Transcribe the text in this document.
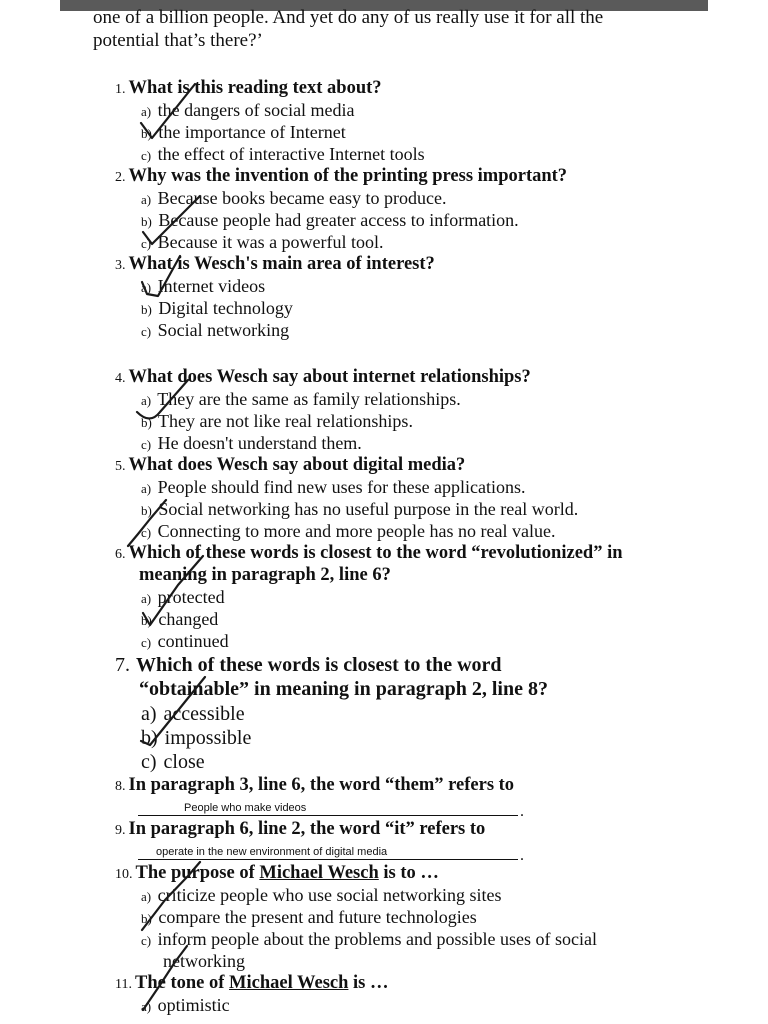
one of a billion people. And yet do any of us really use it for all the
potential that’s there?’
1. What is this reading text about?
a) the dangers of social media
b) the importance of Internet
c) the effect of interactive Internet tools
2. Why was the invention of the printing press important?
a) Because books became easy to produce.
b) Because people had greater access to information.
c) Because it was a powerful tool.
3. What is Wesch's main area of interest?
a) Internet videos
b) Digital technology
c) Social networking
4. What does Wesch say about internet relationships?
a) They are the same as family relationships.
b) They are not like real relationships.
c) He doesn't understand them.
5. What does Wesch say about digital media?
a) People should find new uses for these applications.
b) Social networking has no useful purpose in the real world.
c) Connecting to more and more people has no real value.
6. Which of these words is closest to the word “revolutionized” in
meaning in paragraph 2, line 6?
a) protected
b) changed
c) continued
7. Which of these words is closest to the word
“obtainable” in meaning in paragraph 2, line 8?
a) accessible
b) impossible
c) close
8. In paragraph 3, line 6, the word “them” refers to
People who make videos	.
9. In paragraph 6, line 2, the word “it” refers to
operate in the new environment of digital media	.
10. The purpose of Michael Wesch is to …
a) criticize people who use social networking sites
b) compare the present and future technologies
c) inform people about the problems and possible uses of social
networking
11. The tone of Michael Wesch is …
a) optimistic
